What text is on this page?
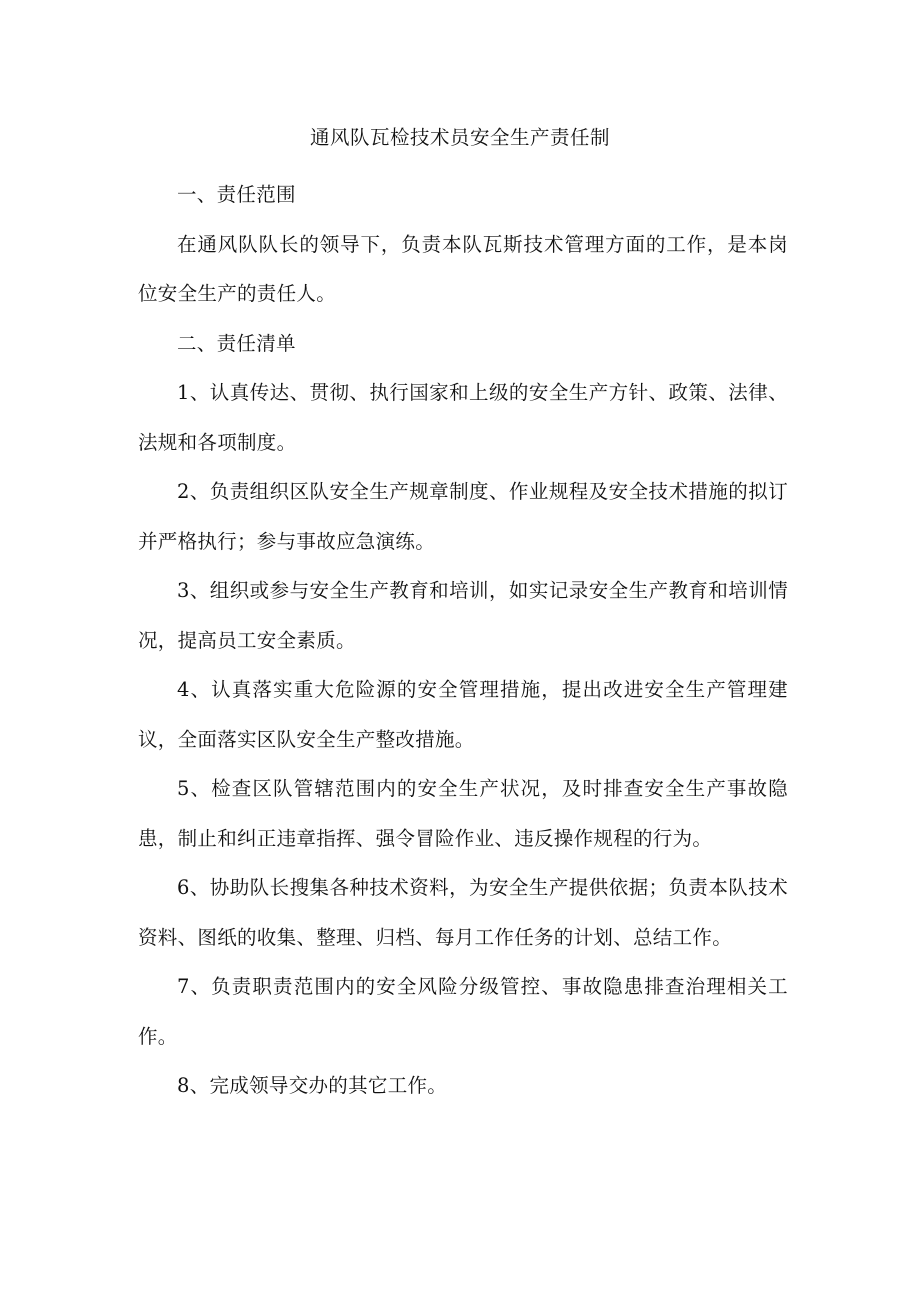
通风队瓦检技术员安全生产责任制

一、责任范围

在通风队队长的领导下，负责本队瓦斯技术管理方面的工作，是本岗位安全生产的责任人。

二、责任清单

1、认真传达、贯彻、执行国家和上级的安全生产方针、政策、法律、法规和各项制度。

2、负责组织区队安全生产规章制度、作业规程及安全技术措施的拟订并严格执行；参与事故应急演练。

3、组织或参与安全生产教育和培训，如实记录安全生产教育和培训情况，提高员工安全素质。

4、认真落实重大危险源的安全管理措施，提出改进安全生产管理建议，全面落实区队安全生产整改措施。

5、检查区队管辖范围内的安全生产状况，及时排查安全生产事故隐患，制止和纠正违章指挥、强令冒险作业、违反操作规程的行为。

6、协助队长搜集各种技术资料，为安全生产提供依据；负责本队技术资料、图纸的收集、整理、归档、每月工作任务的计划、总结工作。

7、负责职责范围内的安全风险分级管控、事故隐患排查治理相关工作。

8、完成领导交办的其它工作。
